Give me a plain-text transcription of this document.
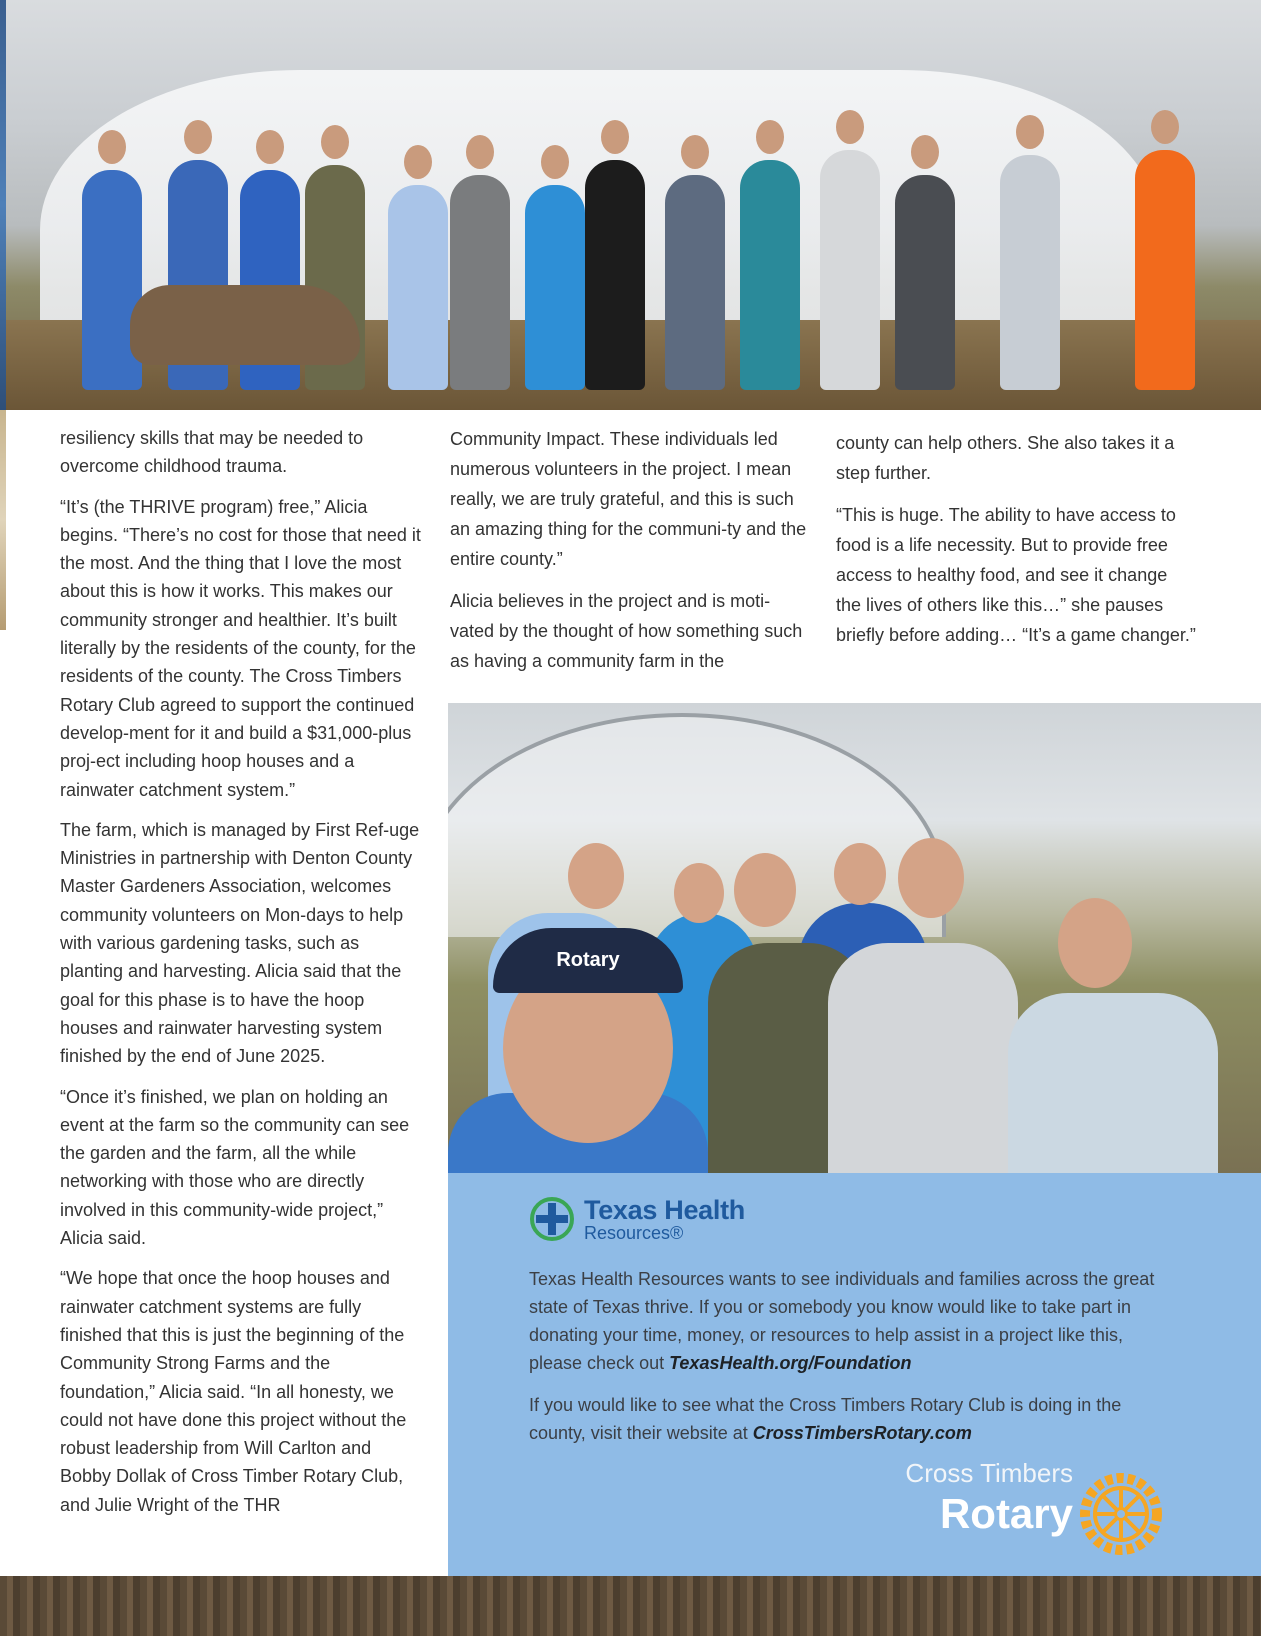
resiliency skills that may be needed to overcome childhood trauma.

“It’s (the THRIVE program) free,” Alicia begins. “There’s no cost for those that need it the most. And the thing that I love the most about this is how it works. This makes our community stronger and healthier. It’s built literally by the residents of the county, for the residents of the county. The Cross Timbers Rotary Club agreed to support the continued develop-ment for it and build a $31,000-plus proj-ect including hoop houses and a rainwater catchment system.”

The farm, which is managed by First Ref-uge Ministries in partnership with Denton County Master Gardeners Association, welcomes community volunteers on Mon-days to help with various gardening tasks, such as planting and harvesting. Alicia said that the goal for this phase is to have the hoop houses and rainwater harvesting system finished by the end of June 2025.

“Once it’s finished, we plan on holding an event at the farm so the community can see the garden and the farm, all the while networking with those who are directly involved in this community-wide project,” Alicia said.

“We hope that once the hoop houses and rainwater catchment systems are fully finished that this is just the beginning of the Community Strong Farms and the foundation,” Alicia said. “In all honesty, we could not have done this project without the robust leadership from Will Carlton and Bobby Dollak of Cross Timber Rotary Club, and Julie Wright of the THR

Community Impact. These individuals led numerous volunteers in the project. I mean really, we are truly grateful, and this is such an amazing thing for the communi-ty and the entire county.”

Alicia believes in the project and is moti-vated by the thought of how something such as having a community farm in the

county can help others. She also takes it a step further.

“This is huge. The ability to have access to food is a life necessity. But to provide free access to healthy food, and see it change the lives of others like this…” she pauses briefly before adding… “It’s a game changer.”

Rotary
Texas Health
Resources®

Texas Health Resources wants to see individuals and families across the great state of Texas thrive. If you or somebody you know would like to take part in donating your time, money, or resources to help assist in a project like this, please check out TexasHealth.org/Foundation

If you would like to see what the Cross Timbers Rotary Club is doing in the county, visit their website at CrossTimbersRotary.com

Cross Timbers
Rotary
